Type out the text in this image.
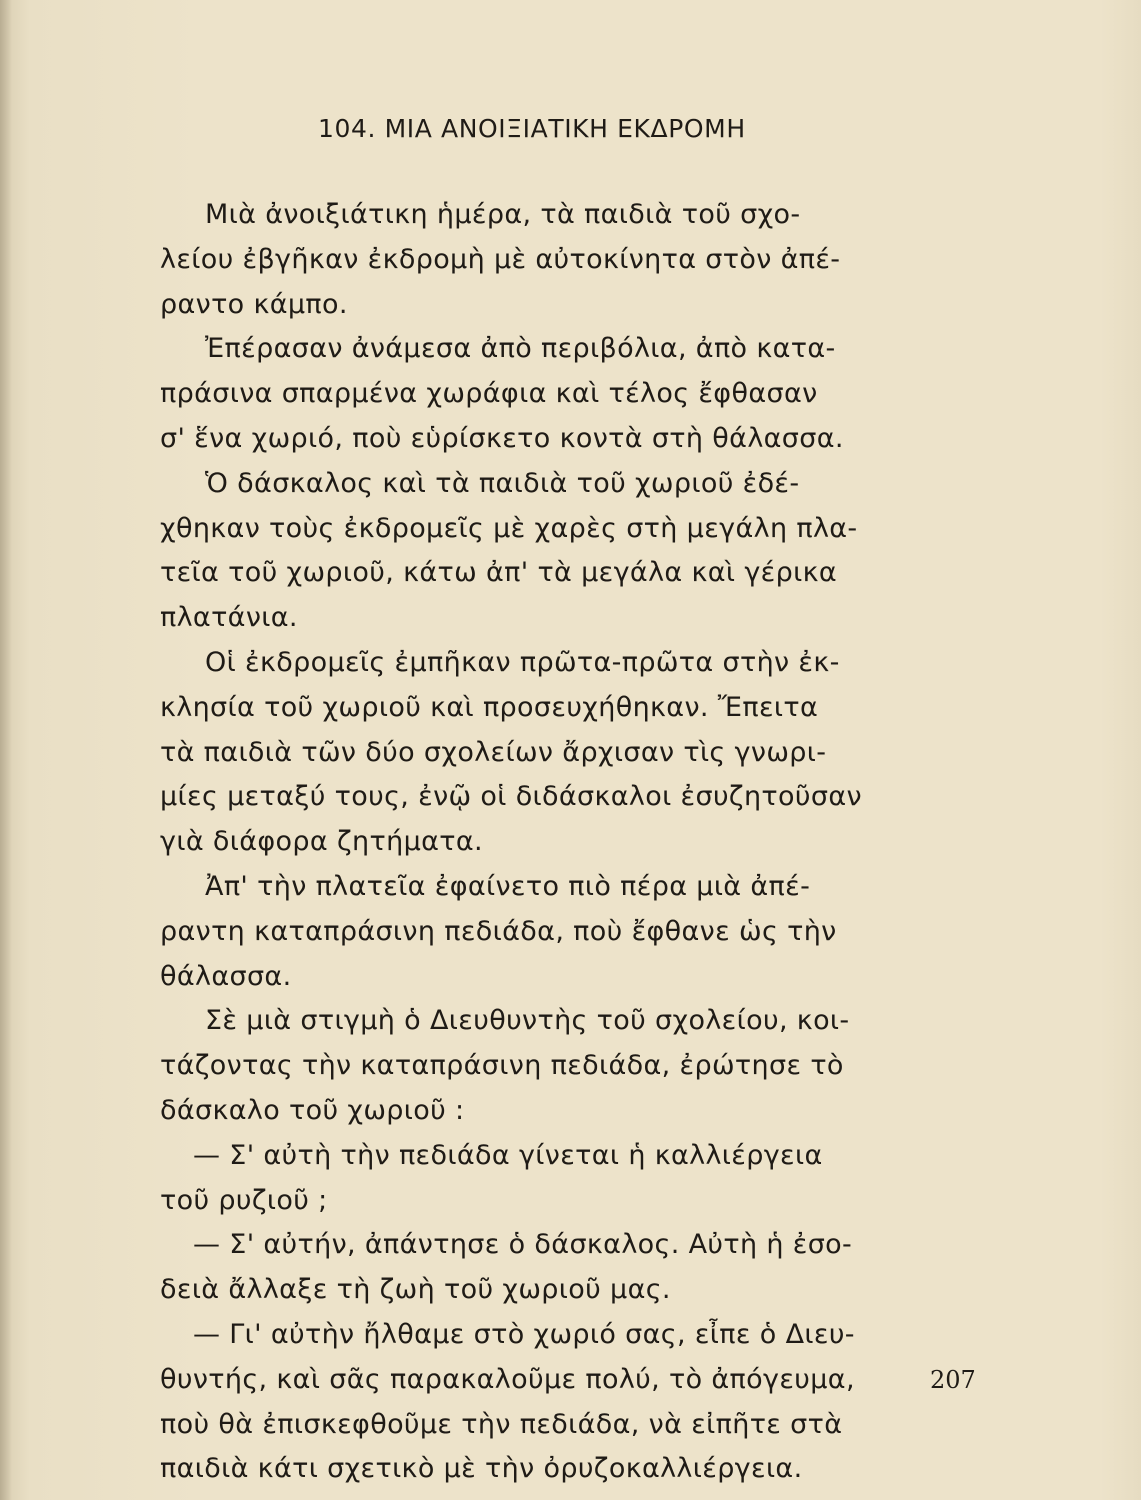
104. ΜΙΑ ΑΝΟΙΞΙΑΤΙΚΗ ΕΚΔΡΟΜΗ
Μιὰ ἀνοιξιάτικη ἡμέρα, τὰ παιδιὰ τοῦ σχο-
λείου ἐβγῆκαν ἐκδρομὴ μὲ αὐτοκίνητα στὸν ἀπέ-
ραντο κάμπο.
Ἐπέρασαν ἀνάμεσα ἀπὸ περιβόλια, ἀπὸ κατα-
πράσινα σπαρμένα χωράφια καὶ τέλος ἔφθασαν
σ' ἕνα χωριό, ποὺ εὑρίσκετο κοντὰ στὴ θάλασσα.
Ὁ δάσκαλος καὶ τὰ παιδιὰ τοῦ χωριοῦ ἐδέ-
χθηκαν τοὺς ἐκδρομεῖς μὲ χαρὲς στὴ μεγάλη πλα-
τεῖα τοῦ χωριοῦ, κάτω ἀπ' τὰ μεγάλα καὶ γέρικα
πλατάνια.
Οἱ ἐκδρομεῖς ἐμπῆκαν πρῶτα-πρῶτα στὴν ἐκ-
κλησία τοῦ χωριοῦ καὶ προσευχήθηκαν. Ἔπειτα
τὰ παιδιὰ τῶν δύο σχολείων ἄρχισαν τὶς γνωρι-
μίες μεταξύ τους, ἐνῷ οἱ διδάσκαλοι ἐσυζητοῦσαν
γιὰ διάφορα ζητήματα.
Ἀπ' τὴν πλατεῖα ἐφαίνετο πιὸ πέρα μιὰ ἀπέ-
ραντη καταπράσινη πεδιάδα, ποὺ ἔφθανε ὡς τὴν
θάλασσα.
Σὲ μιὰ στιγμὴ ὁ Διευθυντὴς τοῦ σχολείου, κοι-
τάζοντας τὴν καταπράσινη πεδιάδα, ἐρώτησε τὸ
δάσκαλο τοῦ χωριοῦ :
— Σ' αὐτὴ τὴν πεδιάδα γίνεται ἡ καλλιέργεια
τοῦ ρυζιοῦ ;
— Σ' αὐτήν, ἀπάντησε ὁ δάσκαλος. Αὐτὴ ἡ ἐσο-
δειὰ ἄλλαξε τὴ ζωὴ τοῦ χωριοῦ μας.
— Γι' αὐτὴν ἤλθαμε στὸ χωριό σας, εἶπε ὁ Διευ-
θυντής, καὶ σᾶς παρακαλοῦμε πολύ, τὸ ἀπόγευμα,
ποὺ θὰ ἐπισκεφθοῦμε τὴν πεδιάδα, νὰ εἰπῆτε στὰ
παιδιὰ κάτι σχετικὸ μὲ τὴν ὀρυζοκαλλιέργεια.
207
